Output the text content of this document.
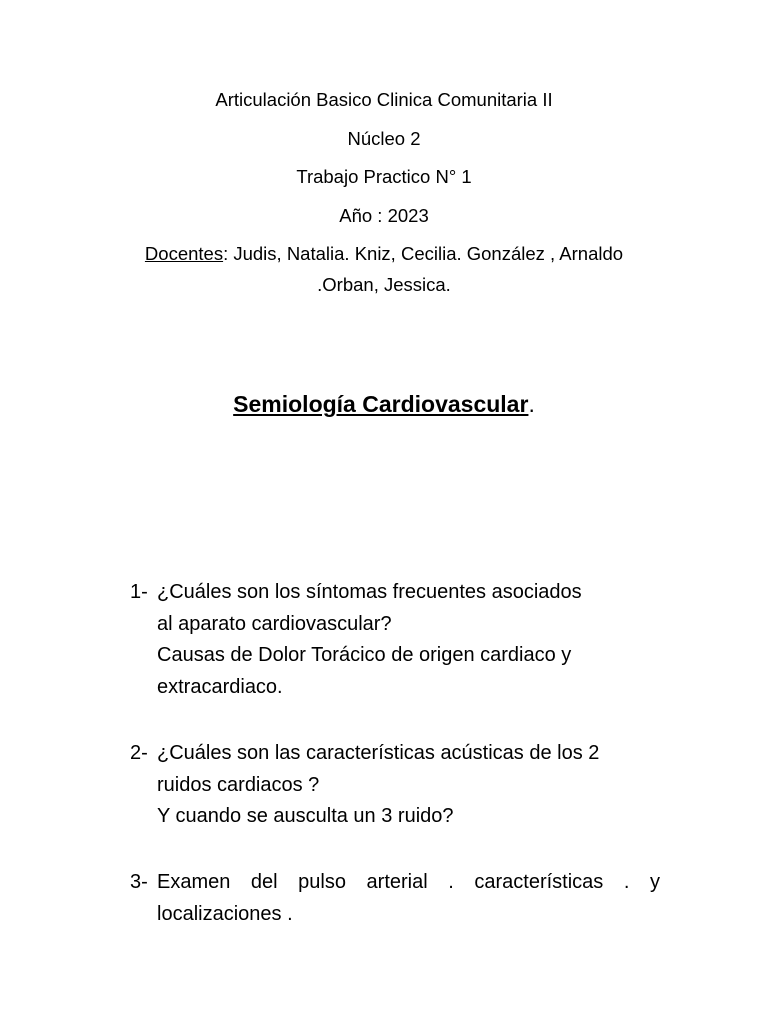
Articulación Basico Clinica Comunitaria II
Núcleo 2
Trabajo Practico N° 1
Año : 2023
Docentes: Judis, Natalia. Kniz, Cecilia. González , Arnaldo
.Orban, Jessica.
Semiología Cardiovascular.
1- ¿Cuáles son los síntomas frecuentes asociados
al aparato cardiovascular?
Causas de Dolor Torácico de origen cardiaco y
extracardiaco.
2- ¿Cuáles son las características acústicas de los 2
ruidos cardiacos ?
Y cuando se ausculta un 3 ruido?
3- Examen del pulso arterial . características . y
localizaciones .
